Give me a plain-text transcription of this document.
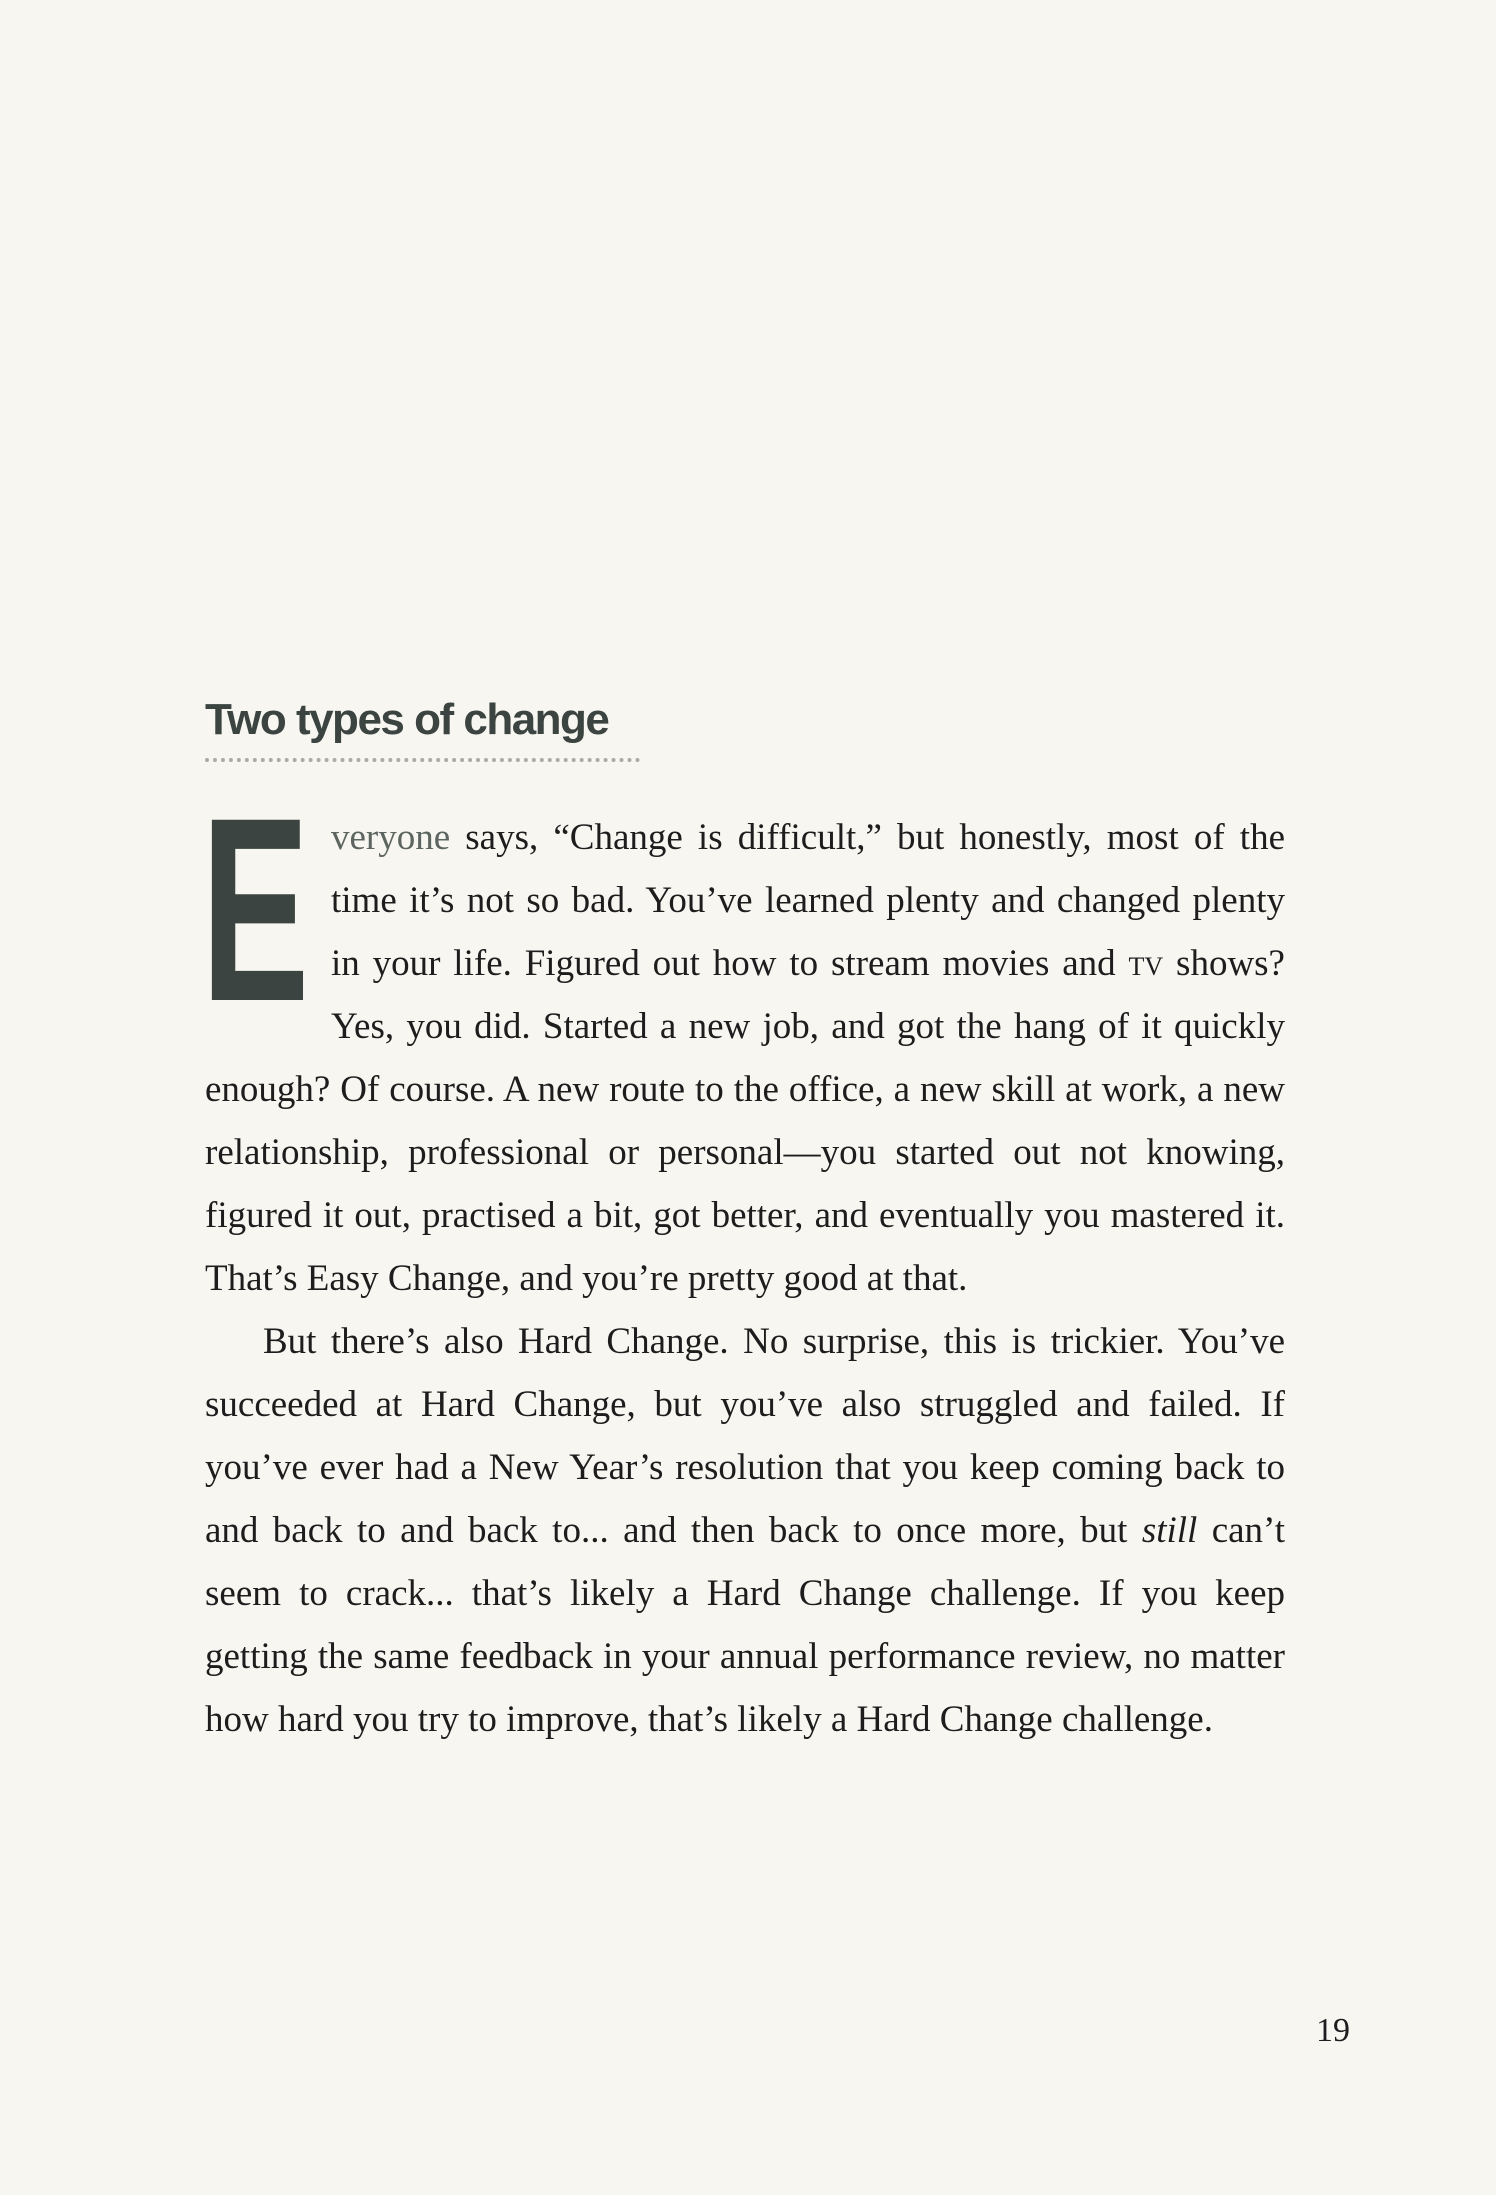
Two types of change

Everyone says, “Change is difficult,” but honestly, most of the time it’s not so bad. You’ve learned plenty and changed plenty in your life. Figured out how to stream movies and tv shows? Yes, you did. Started a new job, and got the hang of it quickly enough? Of course. A new route to the office, a new skill at work, a new relationship, professional or personal—you started out not knowing, figured it out, practised a bit, got better, and eventually you mastered it. That’s Easy Change, and you’re pretty good at that.

But there’s also Hard Change. No surprise, this is trickier. You’ve succeeded at Hard Change, but you’ve also struggled and failed. If you’ve ever had a New Year’s resolution that you keep coming back to and back to and back to... and then back to once more, but still can’t seem to crack... that’s likely a Hard Change challenge. If you keep getting the same feedback in your annual performance review, no matter how hard you try to improve, that’s likely a Hard Change challenge.

19
